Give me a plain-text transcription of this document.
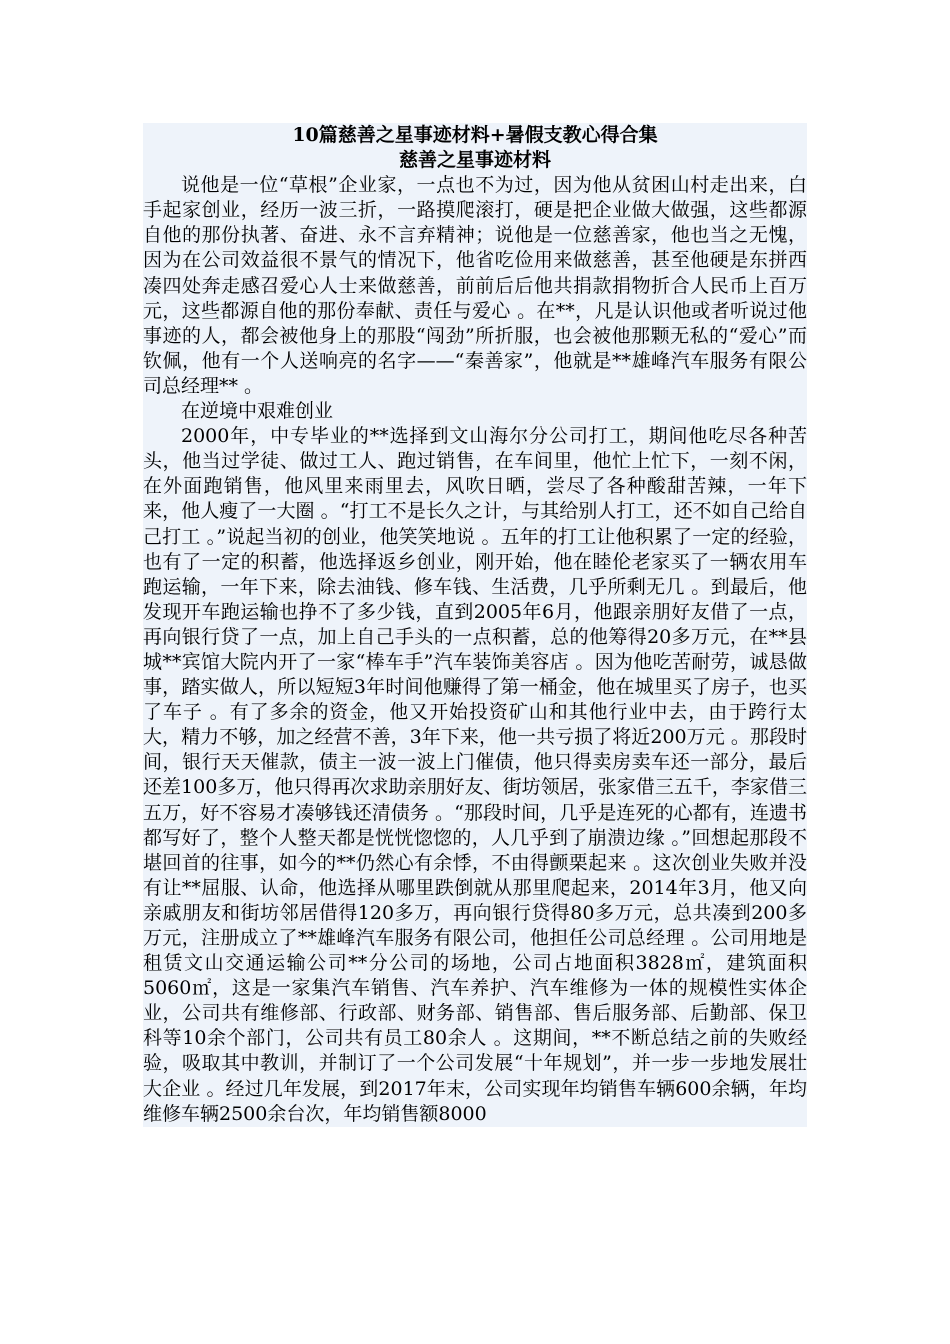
10篇慈善之星事迹材料+暑假支教心得合集

慈善之星事迹材料

说他是一位“草根”企业家，一点也不为过，因为他从贫困山村走出来，白手起家创业，经历一波三折，一路摸爬滚打，硬是把企业做大做强，这些都源自他的那份执著、奋进、永不言弃精神；说他是一位慈善家，他也当之无愧，因为在公司效益很不景气的情况下，他省吃俭用来做慈善，甚至他硬是东拼西凑四处奔走感召爱心人士来做慈善，前前后后他共捐款捐物折合人民币上百万元，这些都源自他的那份奉献、责任与爱心 。在**，凡是认识他或者听说过他事迹的人，都会被他身上的那股“闯劲”所折服，也会被他那颗无私的“爱心”而钦佩，他有一个人送响亮的名字——“秦善家”，他就是**雄峰汽车服务有限公司总经理** 。

在逆境中艰难创业

2000年，中专毕业的**选择到文山海尔分公司打工，期间他吃尽各种苦头，他当过学徒、做过工人、跑过销售，在车间里，他忙上忙下，一刻不闲，在外面跑销售，他风里来雨里去，风吹日晒，尝尽了各种酸甜苦辣，一年下来，他人瘦了一大圈 。“打工不是长久之计，与其给别人打工，还不如自己给自己打工 。”说起当初的创业，他笑笑地说 。五年的打工让他积累了一定的经验，也有了一定的积蓄，他选择返乡创业，刚开始，他在睦伦老家买了一辆农用车跑运输，一年下来，除去油钱、修车钱、生活费，几乎所剩无几 。到最后，他发现开车跑运输也挣不了多少钱，直到2005年6月，他跟亲朋好友借了一点，再向银行贷了一点，加上自己手头的一点积蓄，总的他筹得20多万元，在**县城**宾馆大院内开了一家“棒车手”汽车装饰美容店 。因为他吃苦耐劳，诚恳做事，踏实做人，所以短短3年时间他赚得了第一桶金，他在城里买了房子，也买了车子 。有了多余的资金，他又开始投资矿山和其他行业中去，由于跨行太大，精力不够，加之经营不善，3年下来，他一共亏损了将近200万元 。那段时间，银行天天催款，债主一波一波上门催债，他只得卖房卖车还一部分，最后还差100多万，他只得再次求助亲朋好友、街坊领居，张家借三五千，李家借三五万，好不容易才凑够钱还清债务 。“那段时间，几乎是连死的心都有，连遗书都写好了，整个人整天都是恍恍惚惚的，人几乎到了崩溃边缘 。”回想起那段不堪回首的往事，如今的**仍然心有余悸，不由得颤栗起来 。这次创业失败并没有让**屈服、认命，他选择从哪里跌倒就从那里爬起来，2014年3月，他又向亲戚朋友和街坊邻居借得120多万，再向银行贷得80多万元，总共凑到200多万元，注册成立了**雄峰汽车服务有限公司，他担任公司总经理 。公司用地是租赁文山交通运输公司**分公司的场地，公司占地面积3828㎡，建筑面积5060㎡，这是一家集汽车销售、汽车养护、汽车维修为一体的规模性实体企业，公司共有维修部、行政部、财务部、销售部、售后服务部、后勤部、保卫科等10余个部门，公司共有员工80余人 。这期间，**不断总结之前的失败经验，吸取其中教训，并制订了一个公司发展“十年规划”，并一步一步地发展壮大企业 。经过几年发展，到2017年末，公司实现年均销售车辆600余辆，年均维修车辆2500余台次，年均销售额8000
